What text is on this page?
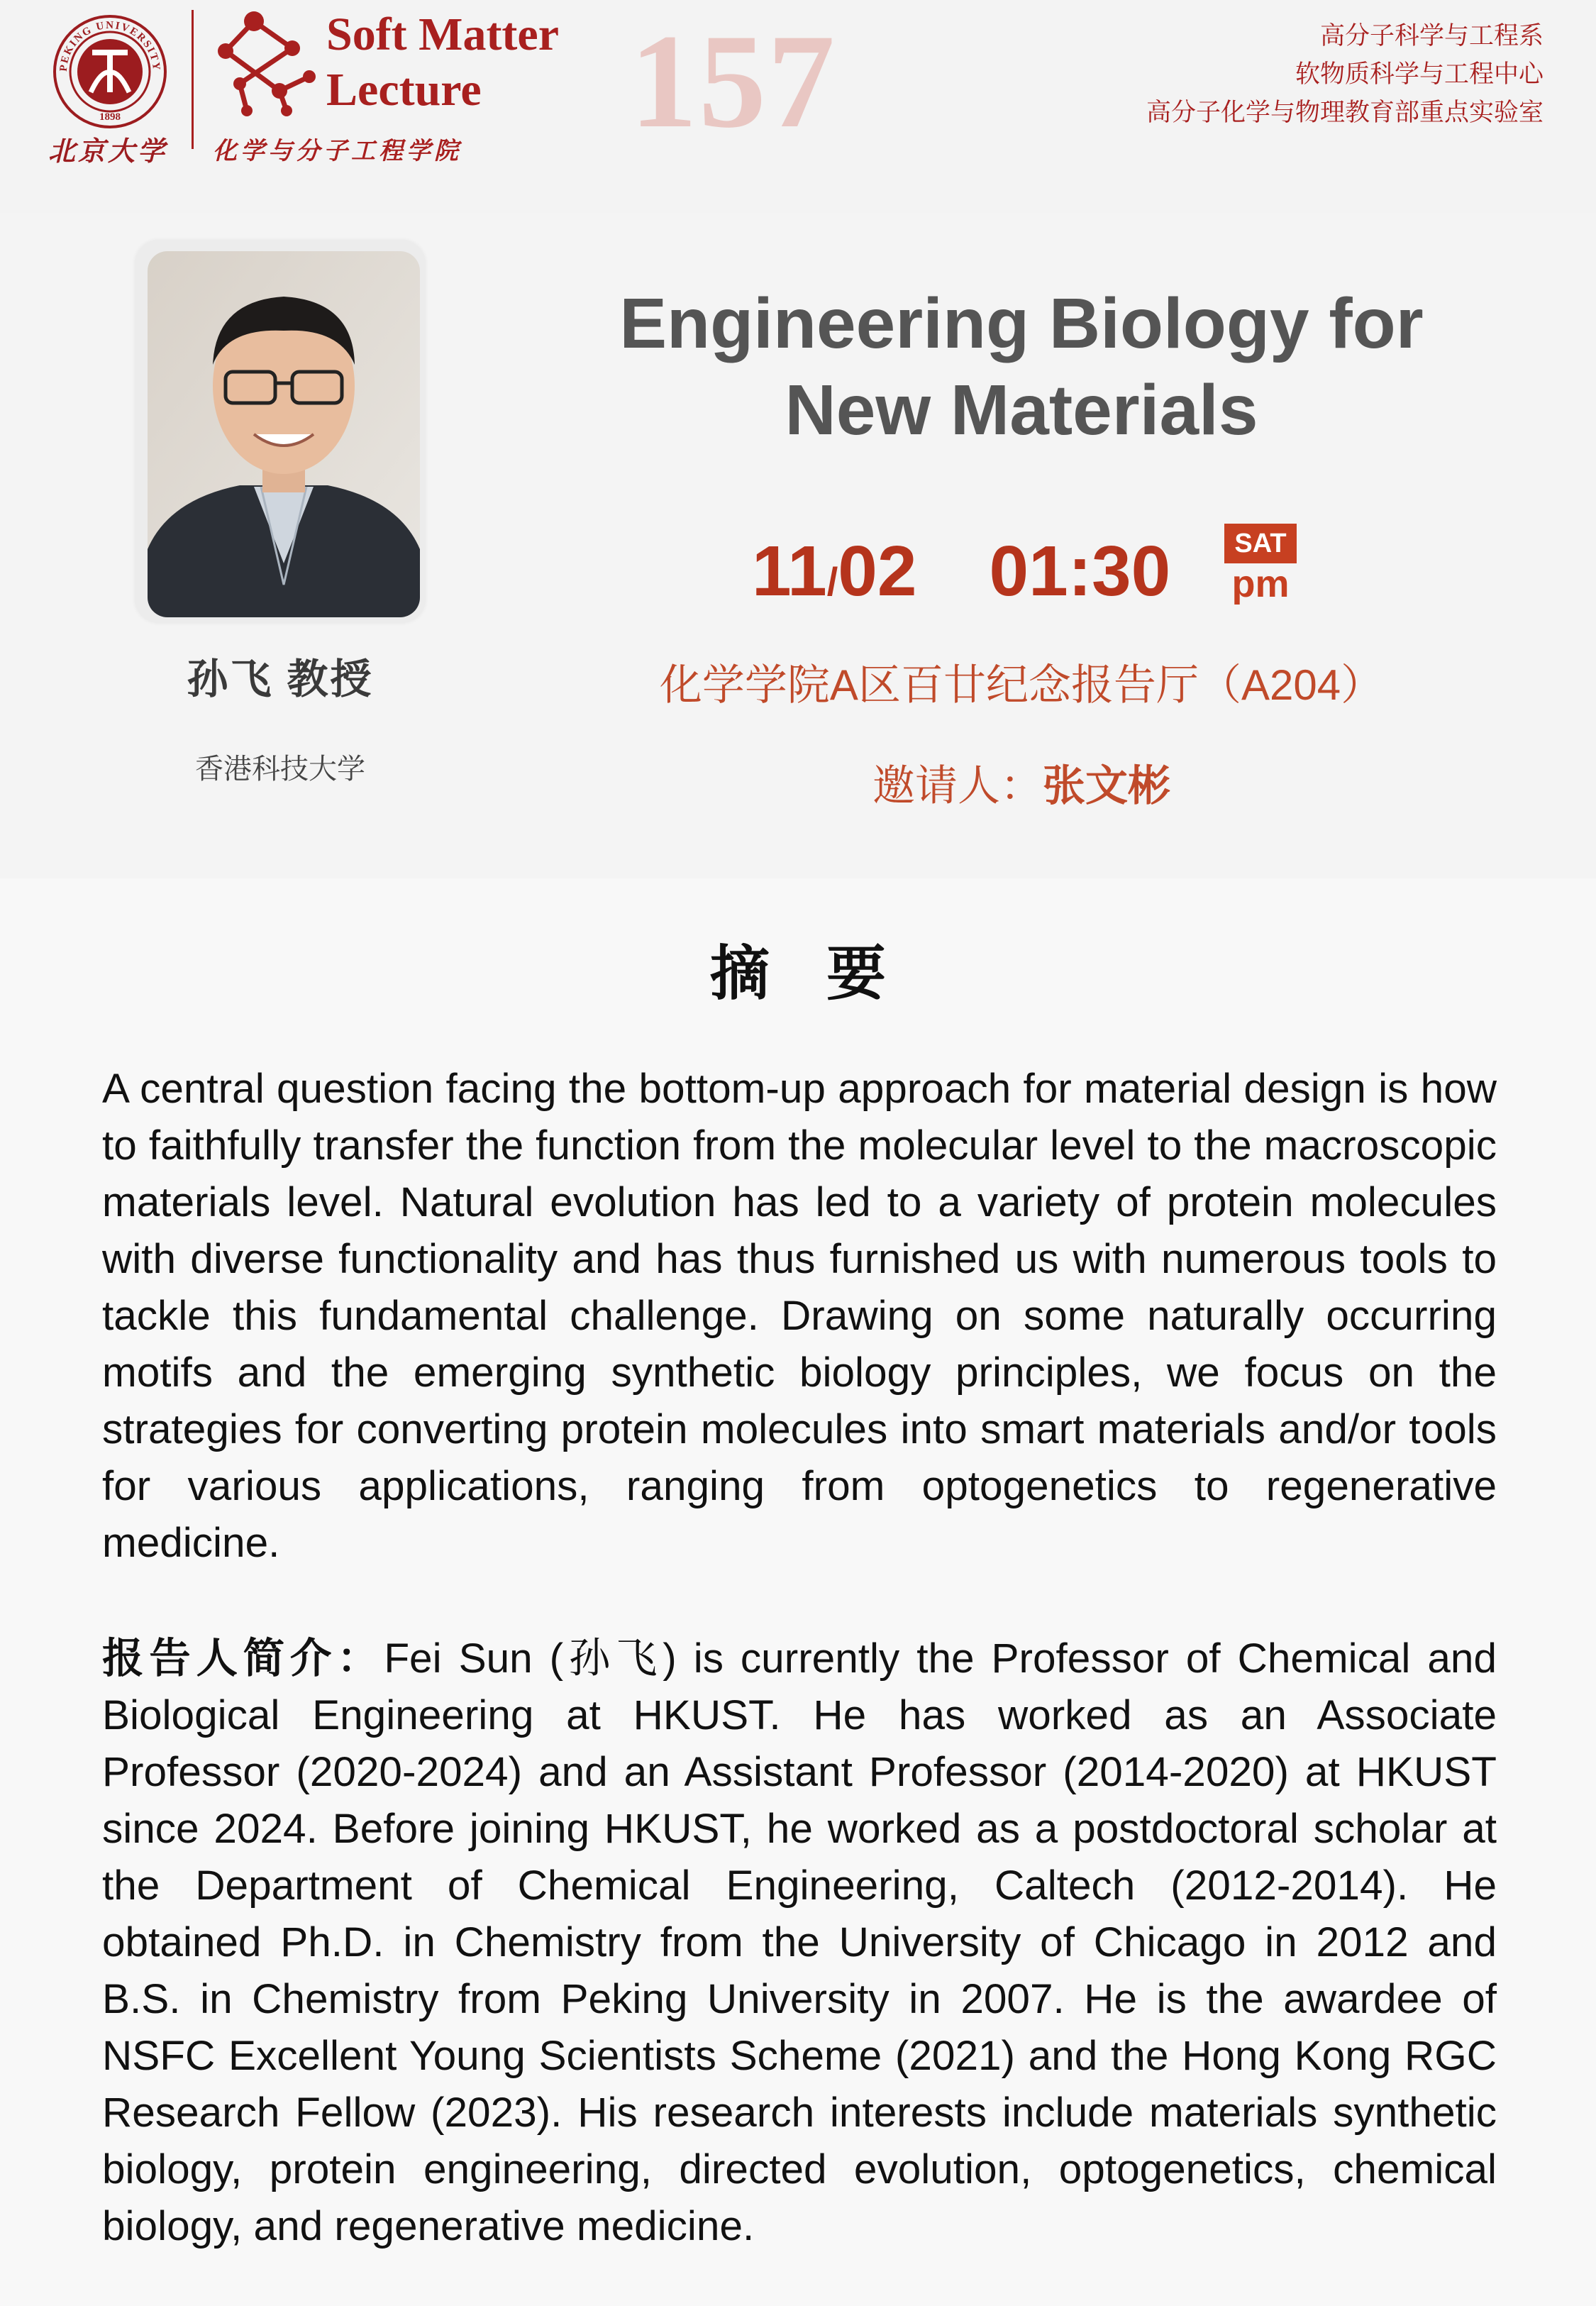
PEKING UNIVERSITY
1898
北京大学
Soft Matter
Lecture
化学与分子工程学院 157	高分子科学与工程系
软物质科学与工程中心
高分子化学与物理教育部重点实验室
孙飞 教授
香港科技大学
Engineering Biology for
New Materials
11/02 01:30	SAT
pm
化学学院A区百廿纪念报告厅（A204）
邀请人：张文彬
摘要

A central question facing the bottom-up approach for material design is how to faithfully transfer the function from the molecular level to the macroscopic materials level. Natural evolution has led to a variety of protein molecules with diverse functionality and has thus furnished us with numerous tools to tackle this fundamental challenge. Drawing on some naturally occurring motifs and the emerging synthetic biology principles, we focus on the strategies for converting protein molecules into smart materials and/or tools for various applications, ranging from optogenetics to regenerative medicine.

报告人简介：Fei Sun (孙飞) is currently the Professor of Chemical and Biological Engineering at HKUST. He has worked as an Associate Professor (2020-2024) and an Assistant Professor (2014-2020) at HKUST since 2024. Before joining HKUST, he worked as a postdoctoral scholar at the Department of Chemical Engineering, Caltech (2012-2014). He obtained Ph.D. in Chemistry from the University of Chicago in 2012 and B.S. in Chemistry from Peking University in 2007. He is the awardee of NSFC Excellent Young Scientists Scheme (2021) and the Hong Kong RGC Research Fellow (2023). His research interests include materials synthetic biology, protein engineering, directed evolution, optogenetics, chemical biology, and regenerative medicine.
